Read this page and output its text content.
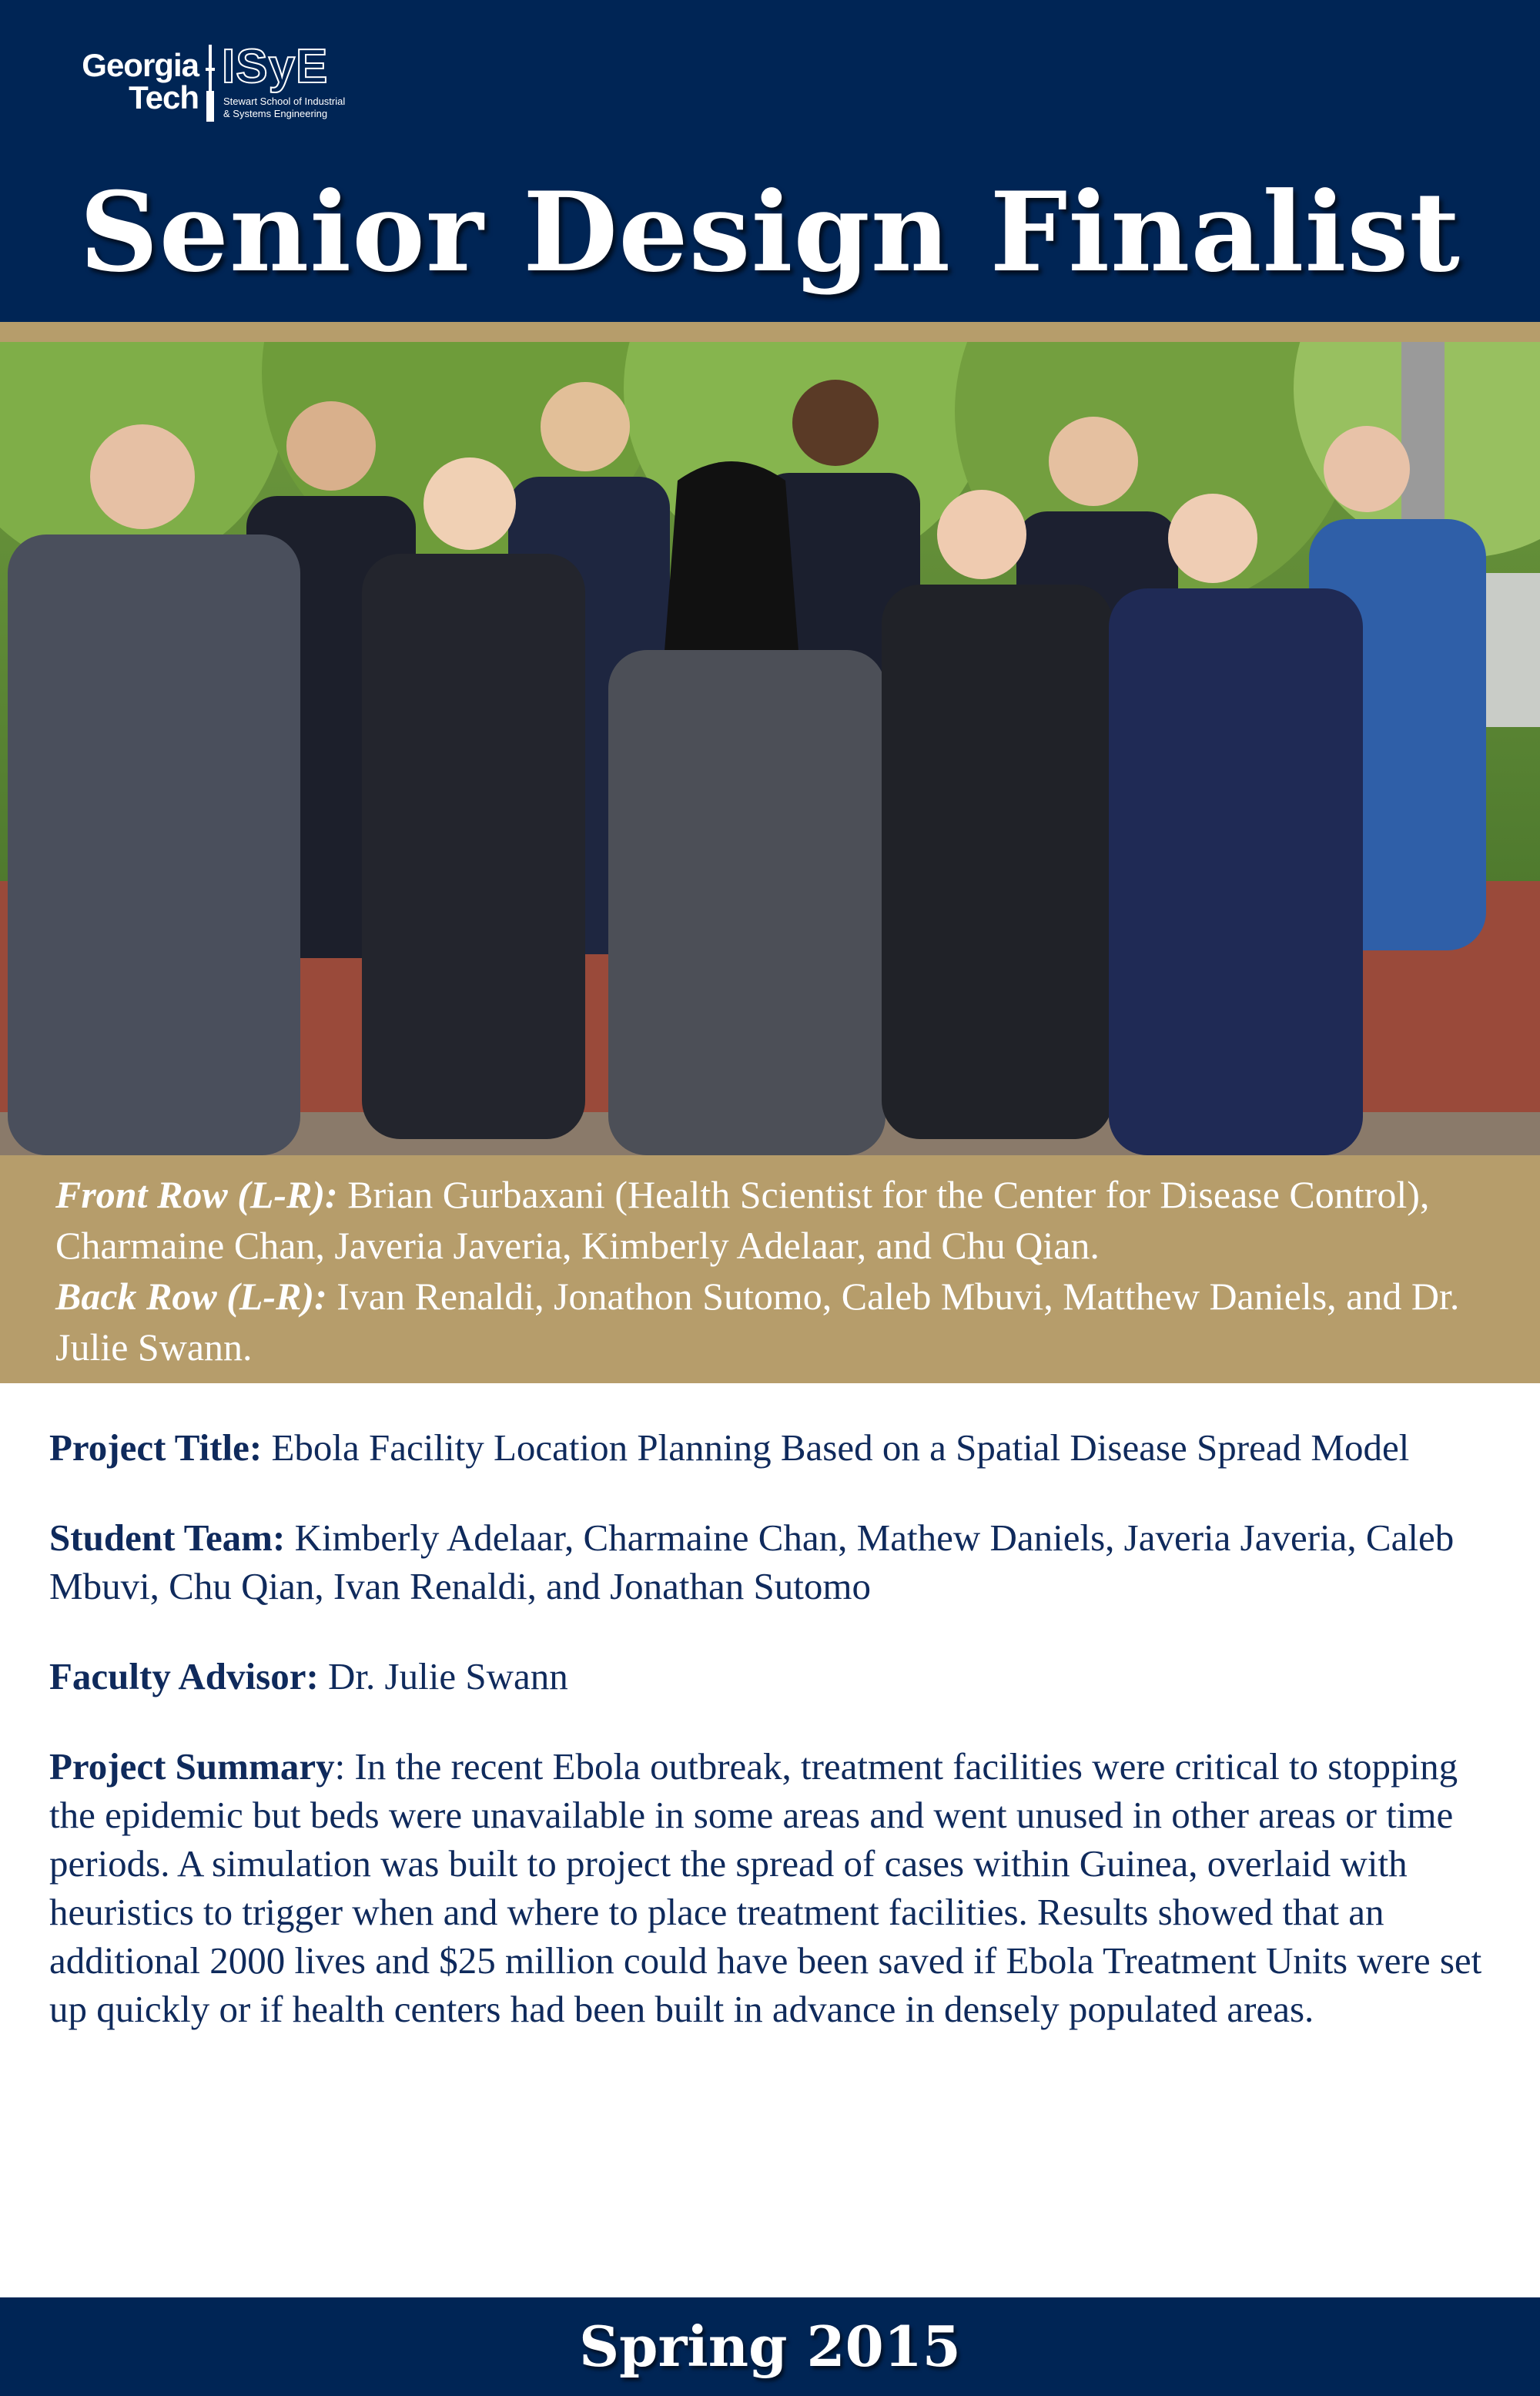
Georgia
Tech
ISyE
Stewart School of Industrial
& Systems Engineering
Senior Design Finalist
Front Row (L-R): Brian Gurbaxani (Health Scientist for the Center for Disease Control), Charmaine Chan, Javeria Javeria, Kimberly Adelaar, and Chu Qian.
Back Row (L-R): Ivan Renaldi, Jonathon Sutomo, Caleb Mbuvi, Matthew Daniels, and Dr. Julie Swann.

Project Title: Ebola Facility Location Planning Based on a Spatial Disease Spread Model

Student Team: Kimberly Adelaar, Charmaine Chan, Mathew Daniels, Javeria Javeria, Caleb Mbuvi, Chu Qian, Ivan Renaldi, and Jonathan Sutomo

Faculty Advisor: Dr. Julie Swann

Project Summary: In the recent Ebola outbreak, treatment facilities were critical to stopping the epidemic but beds were unavailable in some areas and went unused in other areas or time periods. A simulation was built to project the spread of cases within Guinea, overlaid with heuristics to trigger when and where to place treatment facilities. Results showed that an additional 2000 lives and $25 million could have been saved if Ebola Treatment Units were set up quickly or if health centers had been built in advance in densely populated areas.

Spring 2015
